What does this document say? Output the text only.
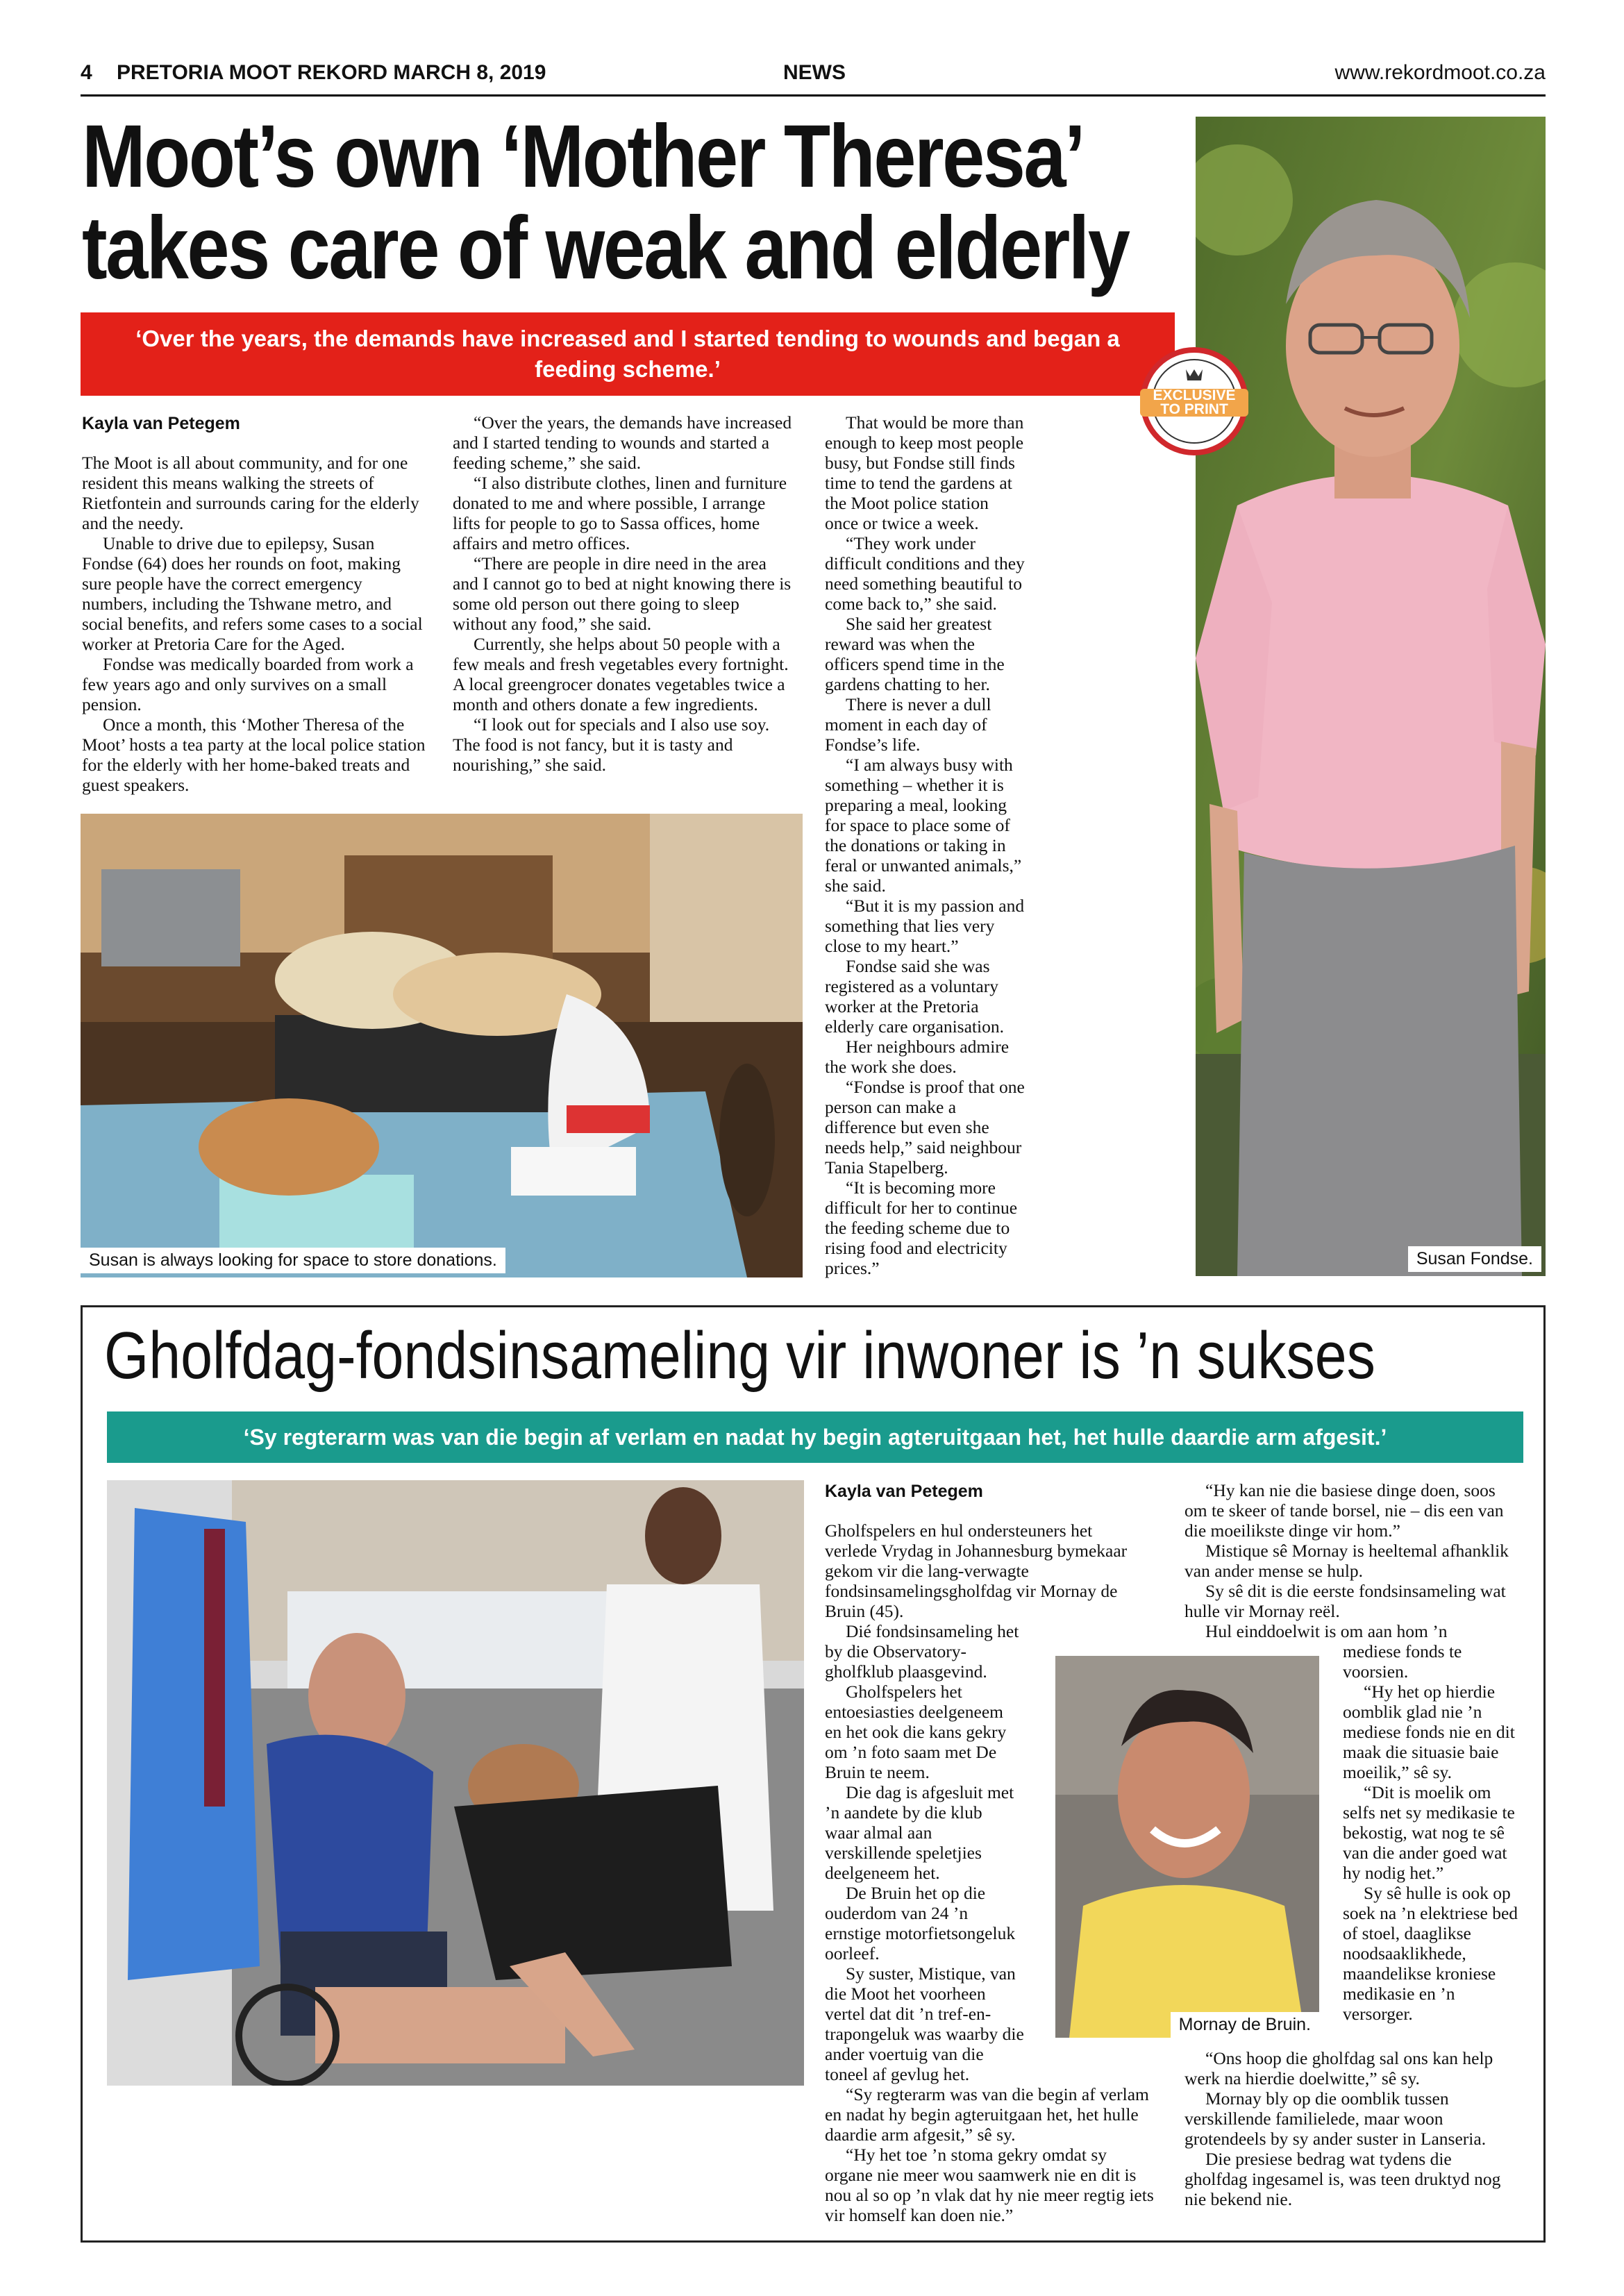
4 PRETORIA MOOT REKORD MARCH 8, 2019	NEWS	www.rekordmoot.co.za
Moot’s own ‘Mother Theresa’
takes care of weak and elderly
‘Over the years, the demands have increased and I started tending to wounds and began a feeding scheme.’
Susan Fondse.
EXCLUSIVE
TO PRINT
Kayla van Petegem

The Moot is all about community, and for one resident this means walking the streets of Rietfontein and surrounds caring for the elderly and the needy.

Unable to drive due to epilepsy, Susan Fondse (64) does her rounds on foot, making sure people have the correct emergency numbers, including the Tshwane metro, and social benefits, and refers some cases to a social worker at Pretoria Care for the Aged.

Fondse was medically boarded from work a few years ago and only survives on a small pension.

Once a month, this ‘Mother Theresa of the Moot’ hosts a tea party at the local police station for the elderly with her home-baked treats and guest speakers.

“Over the years, the demands have increased and I started tending to wounds and started a feeding scheme,” she said.

“I also distribute clothes, linen and furniture donated to me and where possible, I arrange lifts for people to go to Sassa offices, home affairs and metro offices.

“There are people in dire need in the area and I cannot go to bed at night knowing there is some old person out there going to sleep without any food,” she said.

Currently, she helps about 50 people with a few meals and fresh vegetables every fortnight. A local greengrocer donates vegetables twice a month and others donate a few ingredients.

“I look out for specials and I also use soy. The food is not fancy, but it is tasty and nourishing,” she said.

That would be more than enough to keep most people busy, but Fondse still finds time to tend the gardens at the Moot police station once or twice a week.

“They work under difficult conditions and they need something beautiful to come back to,” she said.

She said her greatest reward was when the officers spend time in the gardens chatting to her.

There is never a dull moment in each day of Fondse’s life.

“I am always busy with something – whether it is preparing a meal, looking for space to place some of the donations or taking in feral or unwanted animals,” she said.

“But it is my passion and something that lies very close to my heart.”

Fondse said she was registered as a voluntary worker at the Pretoria elderly care organisation.

Her neighbours admire the work she does.

“Fondse is proof that one person can make a difference but even she needs help,” said neighbour Tania Stapelberg.

“It is becoming more difficult for her to continue the feeding scheme due to rising food and electricity prices.”

Susan is always looking for space to store donations.
Gholfdag-fondsinsameling vir inwoner is ’n sukses
‘Sy regterarm was van die begin af verlam en nadat hy begin agteruitgaan het, het hulle daardie arm afgesit.’
Kayla van Petegem

Gholfspelers en hul ondersteuners het verlede Vrydag in Johannesburg bymekaar gekom vir die lang-verwagte fondsinsamelingsgholfdag vir Mornay de Bruin (45).

Dié fondsinsameling het by die Observatory-gholfklub plaasgevind.

Gholfspelers het entoesiasties deelgeneem en het ook die kans gekry om ’n foto saam met De Bruin te neem.

Die dag is afgesluit met ’n aandete by die klub waar almal aan verskillende speletjies deelgeneem het.

De Bruin het op die ouderdom van 24 ’n ernstige motorfietsongeluk oorleef.

Sy suster, Mistique, van die Moot het voorheen vertel dat dit ’n tref-en-trapongeluk was waarby die ander voertuig van die toneel af gevlug het.

“Sy regterarm was van die begin af verlam en nadat hy begin agteruitgaan het, het hulle daardie arm afgesit,” sê sy.

“Hy het toe ’n stoma gekry omdat sy organe nie meer wou saamwerk nie en dit is nou al so op ’n vlak dat hy nie meer regtig iets vir homself kan doen nie.”

Mornay de Bruin.

“Hy kan nie die basiese dinge doen, soos om te skeer of tande borsel, nie – dis een van die moeilikste dinge vir hom.”

Mistique sê Mornay is heeltemal afhanklik van ander mense se hulp.

Sy sê dit is die eerste fondsinsameling wat hulle vir Mornay reël.

Hul einddoelwit is om aan hom ’n

mediese fonds te voorsien.

“Hy het op hierdie oomblik glad nie ’n mediese fonds nie en dit maak die situasie baie moeilik,” sê sy.

“Dit is moelik om selfs net sy medikasie te bekostig, wat nog te sê van die ander goed wat hy nodig het.”

Sy sê hulle is ook op soek na ’n elektriese bed of stoel, daaglikse noodsaaklikhede, maandelikse kroniese medikasie en ’n versorger.

“Ons hoop die gholfdag sal ons kan help werk na hierdie doelwitte,” sê sy.

Mornay bly op die oomblik tussen verskillende familielede, maar woon grotendeels by sy ander suster in Lanseria.

Die presiese bedrag wat tydens die gholfdag ingesamel is, was teen druktyd nog nie bekend nie.
